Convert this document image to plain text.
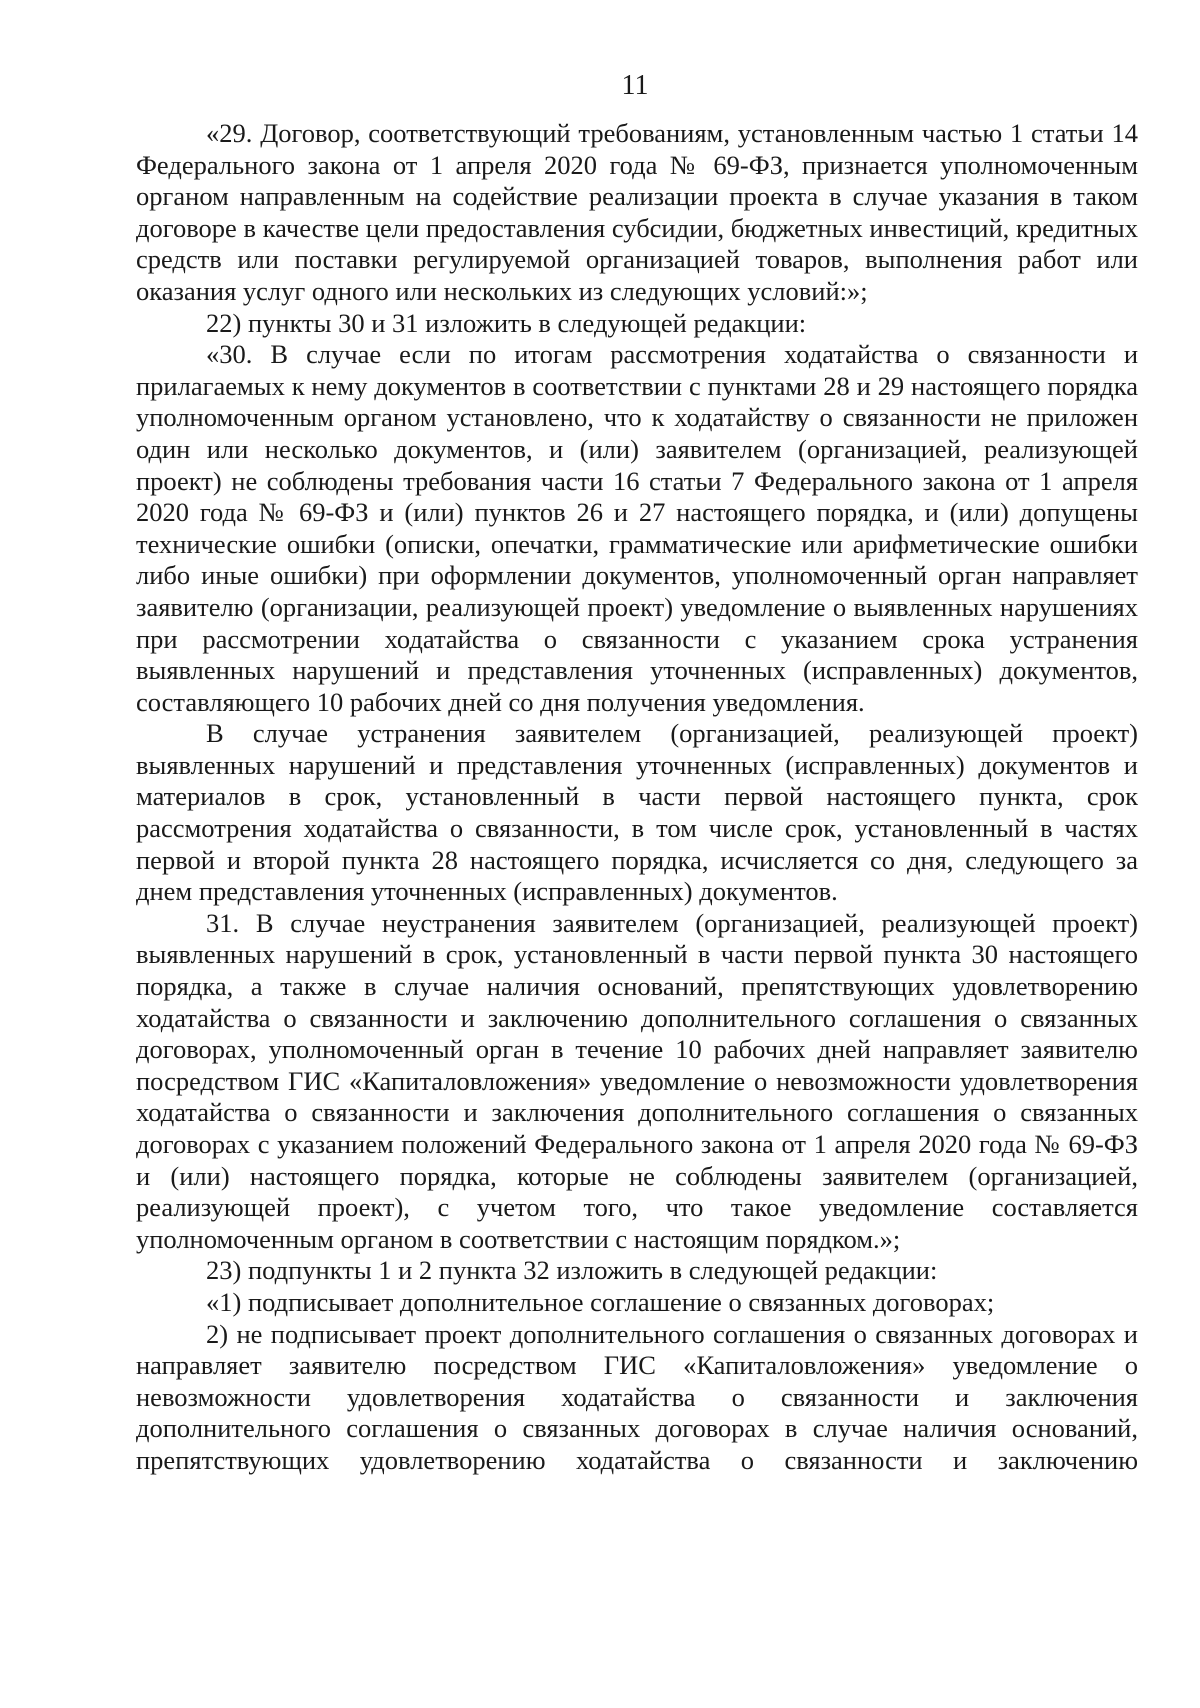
11

«29. Договор, соответствующий требованиям, установленным частью 1 статьи 14 Федерального закона от 1 апреля 2020 года № 69-ФЗ, признается уполномоченным органом направленным на содействие реализации проекта в случае указания в таком договоре в качестве цели предоставления субсидии, бюджетных инвестиций, кредитных средств или поставки регулируемой организацией товаров, выполнения работ или оказания услуг одного или нескольких из следующих условий:»;

22) пункты 30 и 31 изложить в следующей редакции:

«30. В случае если по итогам рассмотрения ходатайства о связанности и прилагаемых к нему документов в соответствии с пунктами 28 и 29 настоящего порядка уполномоченным органом установлено, что к ходатайству о связанности не приложен один или несколько документов, и (или) заявителем (организацией, реализующей проект) не соблюдены требования части 16 статьи 7 Федерального закона от 1 апреля 2020 года № 69-ФЗ и (или) пунктов 26 и 27 настоящего порядка, и (или) допущены технические ошибки (описки, опечатки, грамматические или арифметические ошибки либо иные ошибки) при оформлении документов, уполномоченный орган направляет заявителю (организации, реализующей проект) уведомление о выявленных нарушениях при рассмотрении ходатайства о связанности с указанием срока устранения выявленных нарушений и представления уточненных (исправленных) документов, составляющего 10 рабочих дней со дня получения уведомления.

В случае устранения заявителем (организацией, реализующей проект) выявленных нарушений и представления уточненных (исправленных) документов и материалов в срок, установленный в части первой настоящего пункта, срок рассмотрения ходатайства о связанности, в том числе срок, установленный в частях первой и второй пункта 28 настоящего порядка, исчисляется со дня, следующего за днем представления уточненных (исправленных) документов.

31. В случае неустранения заявителем (организацией, реализующей проект) выявленных нарушений в срок, установленный в части первой пункта 30 настоящего порядка, а также в случае наличия оснований, препятствующих удовлетворению ходатайства о связанности и заключению дополнительного соглашения о связанных договорах, уполномоченный орган в течение 10 рабочих дней направляет заявителю посредством ГИС «Капиталовложения» уведомление о невозможности удовлетворения ходатайства о связанности и заключения дополнительного соглашения о связанных договорах с указанием положений Федерального закона от 1 апреля 2020 года № 69-ФЗ и (или) настоящего порядка, которые не соблюдены заявителем (организацией, реализующей проект), с учетом того, что такое уведомление составляется уполномоченным органом в соответствии с настоящим порядком.»;

23) подпункты 1 и 2 пункта 32 изложить в следующей редакции:

«1) подписывает дополнительное соглашение о связанных договорах;

2) не подписывает проект дополнительного соглашения о связанных договорах и направляет заявителю посредством ГИС «Капиталовложения» уведомление о невозможности удовлетворения ходатайства о связанности и заключения дополнительного соглашения о связанных договорах в случае наличия оснований, препятствующих удовлетворению ходатайства о связанности и заключению
